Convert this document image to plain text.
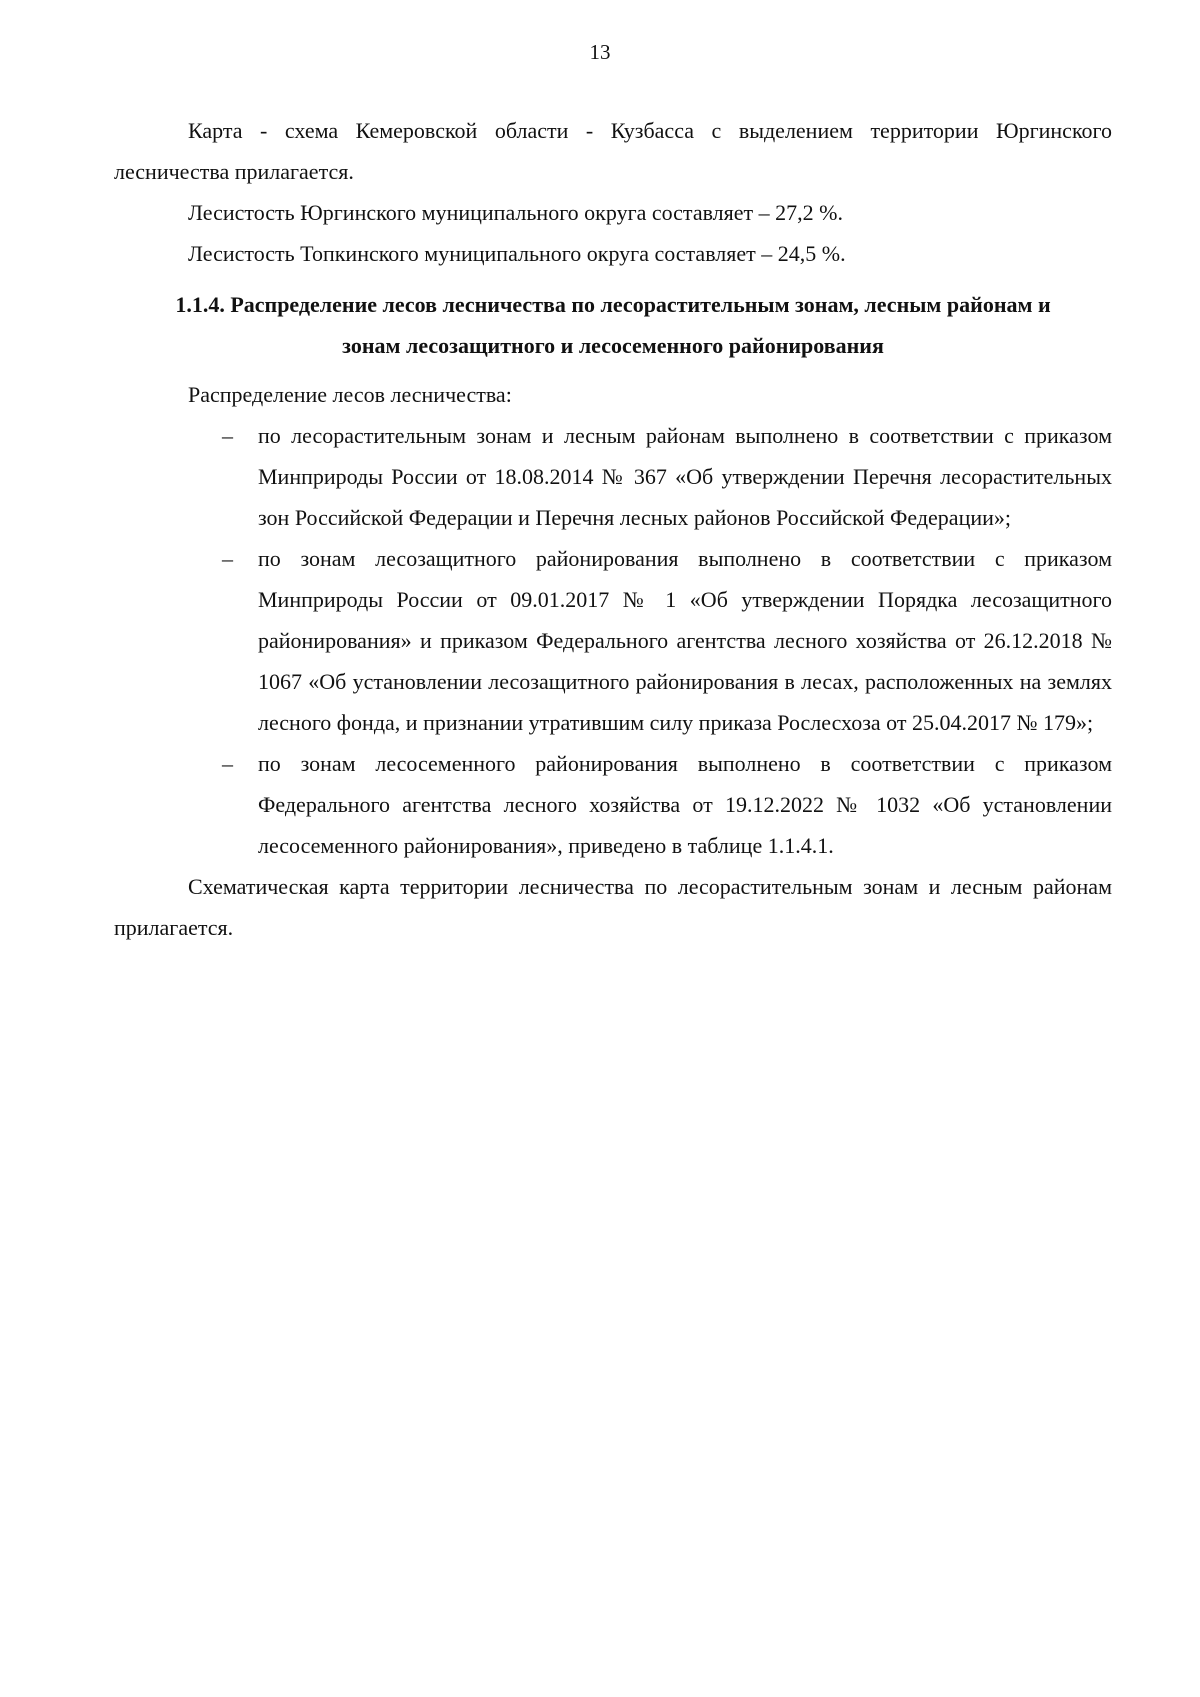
13

Карта - схема Кемеровской области - Кузбасса с выделением территории Юргинского лесничества прилагается.

Лесистость Юргинского муниципального округа составляет – 27,2 %.

Лесистость Топкинского муниципального округа составляет – 24,5 %.

1.1.4. Распределение лесов лесничества по лесорастительным зонам, лесным районам и зонам лесозащитного и лесосеменного районирования

Распределение лесов лесничества:

– по лесорастительным зонам и лесным районам выполнено в соответствии с приказом Минприроды России от 18.08.2014 № 367 «Об утверждении Перечня лесорастительных зон Российской Федерации и Перечня лесных районов Российской Федерации»;
– по зонам лесозащитного районирования выполнено в соответствии с приказом Минприроды России от 09.01.2017 № 1 «Об утверждении Порядка лесозащитного районирования» и приказом Федерального агентства лесного хозяйства от 26.12.2018 № 1067 «Об установлении лесозащитного районирования в лесах, расположенных на землях лесного фонда, и признании утратившим силу приказа Рослесхоза от 25.04.2017 № 179»;
– по зонам лесосеменного районирования выполнено в соответствии с приказом Федерального агентства лесного хозяйства от 19.12.2022 № 1032 «Об установлении лесосеменного районирования», приведено в таблице 1.1.4.1.

Схематическая карта территории лесничества по лесорастительным зонам и лесным районам прилагается.
